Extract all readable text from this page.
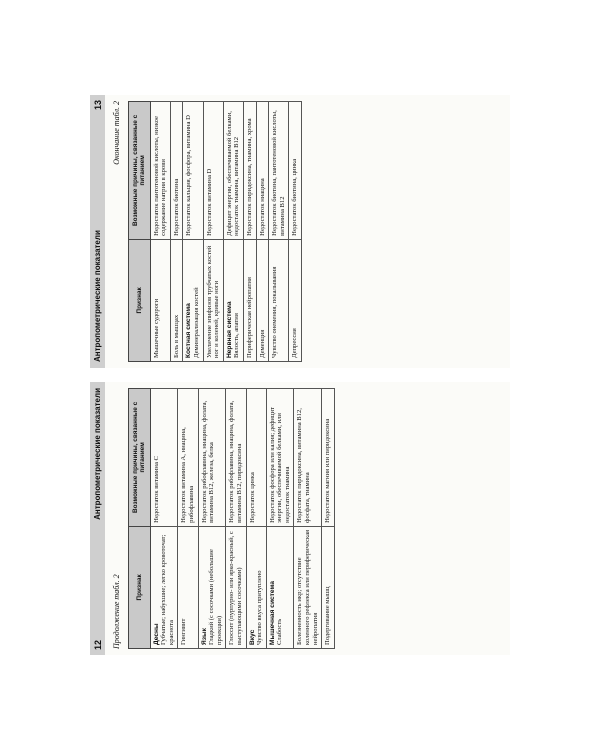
12
Антропометрические показатели
Продолжение табл. 2 Признак	Возможные причины, связанные с питанием

Десны Губчатые; набухшие; легко кровоточат; краснота	Недостаток витамина С
Гингивит	Недостаток витамина А, ниацина, рибофлавина

Язык Гладкий (с сосочками (небольшие проекции)	Недостаток рибофлавина, ниацина, фолата, витамина B12, железа, белка
Глоссит (пурпурно- или ярко-красный, с выступающими сосочками)	Недостаток рибофлавина, ниацина, фолата, витамина B12, пиридоксина

Вкус Чувство вкуса притуплено	Недостаток цинка

Мышечная система Слабость	Недостаток фосфора или калия; дефицит энергии, обеспечиваемой белками, или недостаток тиамина
Болезненность икр; отсутствие коленного рефлекса или периферическая нейропатия	Недостаток пиридоксина, витамина B12, фосфата, тиамина
Подергивание мышц	Недостаток магния или пиридоксина
Антропометрические показатели
13 Окончание табл. 2
Признак	Возможные причины, связанные с питанием
Мышечные судороги	Недостаток пантотеновой кислоты, низкое содержание натрия в крови
Боль в мышцах	Недостаток биотина

Костная система Деминерализация костей	Недостаток кальция, фосфора, витамина D
Увеличение эпифизов трубчатых костей ног и коленей, кривые ноги	Недостаток витамина D

Нервная система Вялость, апатия	Дефицит энергии, обеспечиваемой белками, недостаток тиамина, витамина B12
Периферическая нейропатия	Недостаток пиридоксина, тиамина, хрома
Деменция	Недостаток ниацина
Чувство онемения, покалывания	Недостаток биотина, пантотеновой кислоты, витамина B12
Депрессия	Недостаток биотина, цинка
